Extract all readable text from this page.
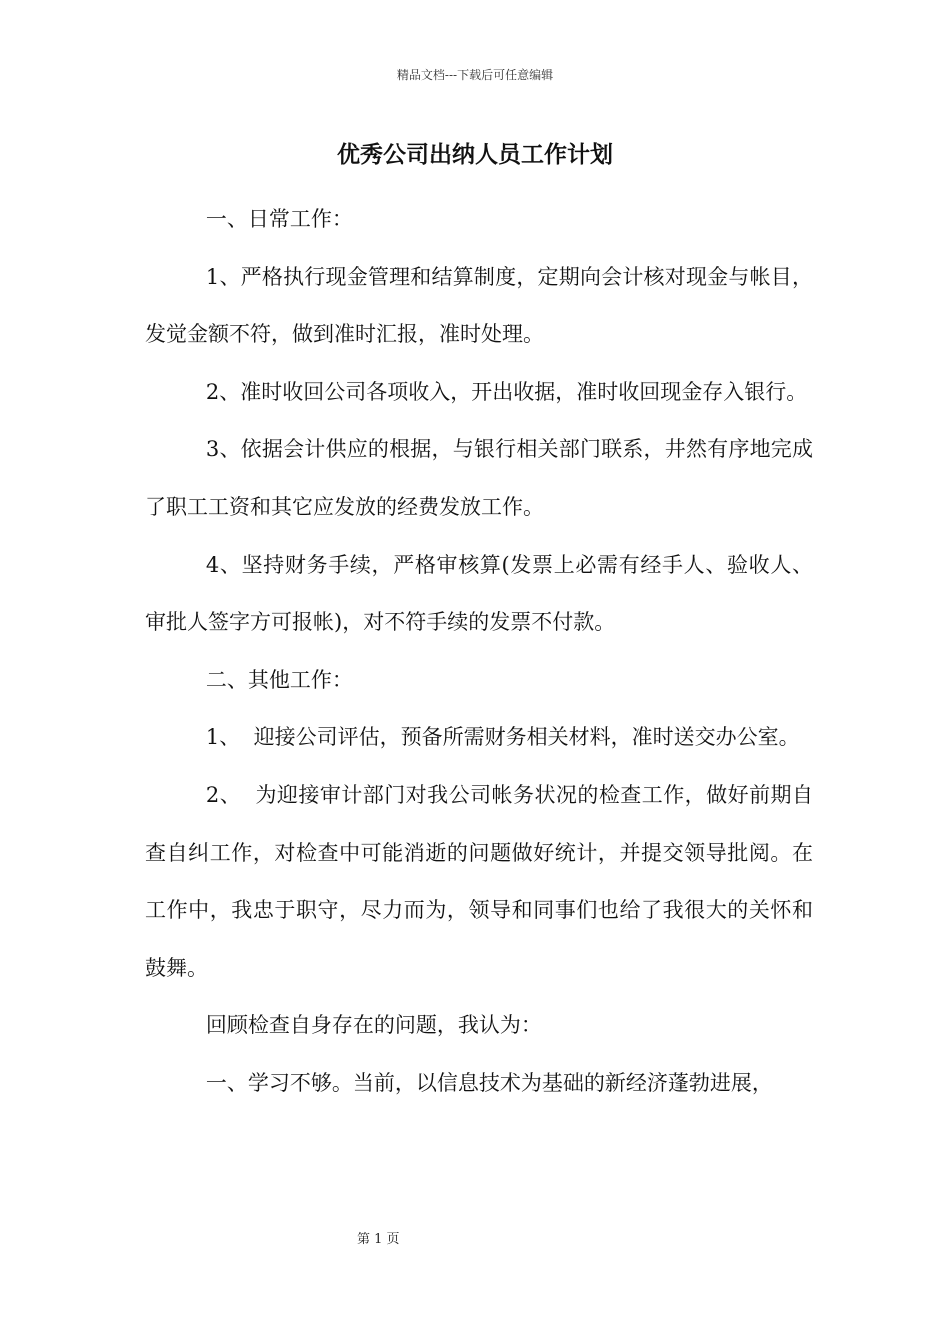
精品文档---下载后可任意编辑
优秀公司出纳人员工作计划

一、日常工作：

1、严格执行现金管理和结算制度，定期向会计核对现金与帐目，发觉金额不符，做到准时汇报，准时处理。

2、准时收回公司各项收入，开出收据，准时收回现金存入银行。

3、依据会计供应的根据，与银行相关部门联系，井然有序地完成了职工工资和其它应发放的经费发放工作。

4、坚持财务手续，严格审核算(发票上必需有经手人、验收人、审批人签字方可报帐)，对不符手续的发票不付款。

二、其他工作：

1、  迎接公司评估，预备所需财务相关材料，准时送交办公室。

2、  为迎接审计部门对我公司帐务状况的检查工作，做好前期自查自纠工作，对检查中可能消逝的问题做好统计，并提交领导批阅。在工作中，我忠于职守，尽力而为，领导和同事们也给了我很大的关怀和鼓舞。

回顾检查自身存在的问题，我认为：

一、学习不够。当前，以信息技术为基础的新经济蓬勃进展，

第 1 页
